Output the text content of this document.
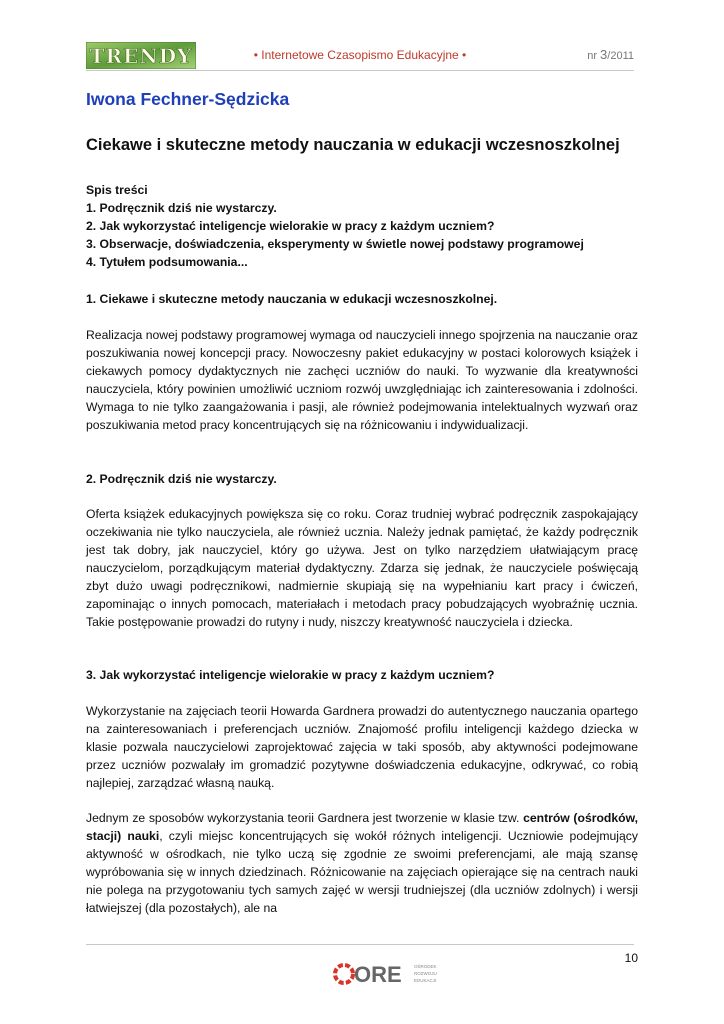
TRENDY	• Internetowe Czasopismo Edukacyjne •	nr 3/2011
Iwona Fechner-Sędzicka
Ciekawe i skuteczne metody nauczania w edukacji wczesnoszkolnej
Spis treści
1. Podręcznik dziś nie wystarczy.
2. Jak wykorzystać inteligencje wielorakie w pracy z każdym uczniem?
3. Obserwacje, doświadczenia, eksperymenty w świetle nowej podstawy programowej
4. Tytułem podsumowania...

1. Ciekawe i skuteczne metody nauczania w edukacji wczesnoszkolnej.

Realizacja nowej podstawy programowej wymaga od nauczycieli innego spojrzenia na nauczanie oraz poszukiwania nowej koncepcji pracy. Nowoczesny pakiet edukacyjny w postaci kolorowych książek i ciekawych pomocy dydaktycznych nie zachęci uczniów do nauki. To wyzwanie dla kreatywności nauczyciela, który powinien umożliwić uczniom rozwój uwzględniając ich zainteresowania i zdolności. Wymaga to nie tylko zaangażowania i pasji, ale również podejmowania intelektualnych wyzwań oraz poszukiwania metod pracy koncentrujących się na różnicowaniu i indywidualizacji.

2. Podręcznik dziś nie wystarczy.

Oferta książek edukacyjnych powiększa się co roku. Coraz trudniej wybrać podręcznik zaspokajający oczekiwania nie tylko nauczyciela, ale również ucznia. Należy jednak pamiętać, że każdy podręcznik jest tak dobry, jak nauczyciel, który go używa. Jest on tylko narzędziem ułatwiającym pracę nauczycielom, porządkującym materiał dydaktyczny. Zdarza się jednak, że nauczyciele poświęcają zbyt dużo uwagi podręcznikowi, nadmiernie skupiają się na wypełnianiu kart pracy i ćwiczeń, zapominając o innych pomocach, materiałach i metodach pracy pobudzających wyobraźnię ucznia. Takie postępowanie prowadzi do rutyny i nudy, niszczy kreatywność nauczyciela i dziecka.

3. Jak wykorzystać inteligencje wielorakie w pracy z każdym uczniem?

Wykorzystanie na zajęciach teorii Howarda Gardnera prowadzi do autentycznego nauczania opartego na zainteresowaniach i preferencjach uczniów. Znajomość profilu inteligencji każdego dziecka w klasie pozwala nauczycielowi zaprojektować zajęcia w taki sposób, aby aktywności podejmowane przez uczniów pozwalały im gromadzić pozytywne doświadczenia edukacyjne, odkrywać, co robią najlepiej, zarządzać własną nauką.

Jednym ze sposobów wykorzystania teorii Gardnera jest tworzenie w klasie tzw. centrów (ośrodków, stacji) nauki, czyli miejsc koncentrujących się wokół różnych inteligencji. Uczniowie podejmujący aktywność w ośrodkach, nie tylko uczą się zgodnie ze swoimi preferencjami, ale mają szansę wypróbowania się w innych dziedzinach. Różnicowanie na zajęciach opierające się na centrach nauki nie polega na przygotowaniu tych samych zajęć w wersji trudniejszej (dla uczniów zdolnych) i wersji łatwiejszej (dla pozostałych), ale na

10
ORE	OŚRODEK
ROZWOJU
EDUKACJI
